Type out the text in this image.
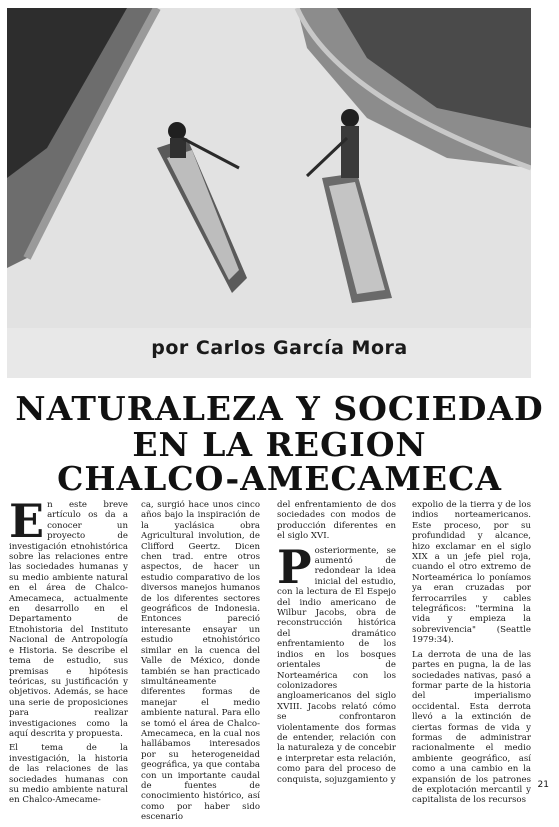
por Carlos García Mora
NATURALEZA Y SOCIEDAD
EN LA REGION
CHALCO-AMECAMECA
E n este breve artículo os da a conocer un proyecto de investigación etnohistórica sobre las relaciones entre las sociedades humanas y su medio ambiente natural en el área de Chalco-Amecameca, actualmente en desarrollo en el Departamento de Etnohistoria del Instituto Nacional de Antropología e Historia. Se describe el tema de estudio, sus premisas e hipótesis teóricas, su justificación y objetivos. Además, se hace una serie de proposiciones para realizar investigaciones como la aquí descrita y propuesta.

El tema de la investigación, la historia de las relaciones de las sociedades humanas con su medio ambiente natural en Chalco-Amecame-

ca, surgió hace unos cinco años bajo la inspiración de la yaclásica obra Agricultural involution, de Clifford Geertz. Dicen chen trad. entre otros aspectos, de hacer un estudio comparativo de los diversos manejos humanos de los diferentes sectores geográficos de Indonesia. Entonces pareció interesante ensayar un estudio etnohistórico similar en la cuenca del Valle de México, donde también se han practicado simultáneamente diferentes formas de manejar el medio ambiente natural. Para ello se tomó el área de Chalco-Amecameca, en la cual nos hallábamos interesados por su heterogeneidad geográfica, ya que contaba con un importante caudal de fuentes de conocimiento histórico, así como por haber sido escenario

del enfrentamiento de dos sociedades con modos de producción diferentes en el siglo XVI.

P osteriormente, se aumentó de redondear la idea inicial del estudio, con la lectura de El Espejo del indio americano de Wilbur Jacobs, obra de reconstrucción histórica del dramático enfrentamiento de los indios en los bosques orientales de Norteamérica con los colonizadores angloamericanos del siglo XVIII. Jacobs relató cómo se confrontaron violentamente dos formas de entender, relación con la naturaleza y de concebir e interpretar esta relación, como para del proceso de conquista, sojuzgamiento y

expolio de la tierra y de los indios norteamericanos. Este proceso, por su profundidad y alcance, hizo exclamar en el siglo XIX a un jefe piel roja, cuando el otro extremo de Norteamérica lo poníamos ya eran cruzadas por ferrocarriles y cables telegráficos: "termina la vida y empieza la sobrevivencia" (Seattle 1979:34).

La derrota de una de las partes en pugna, la de las sociedades nativas, pasó a formar parte de la historia del imperialismo occidental. Esta derrota llevó a la extinción de ciertas formas de vida y formas de administrar racionalmente el medio ambiente geográfico, así como a una cambio en la expansión de los patrones de explotación mercantil y capitalista de los recursos

21
